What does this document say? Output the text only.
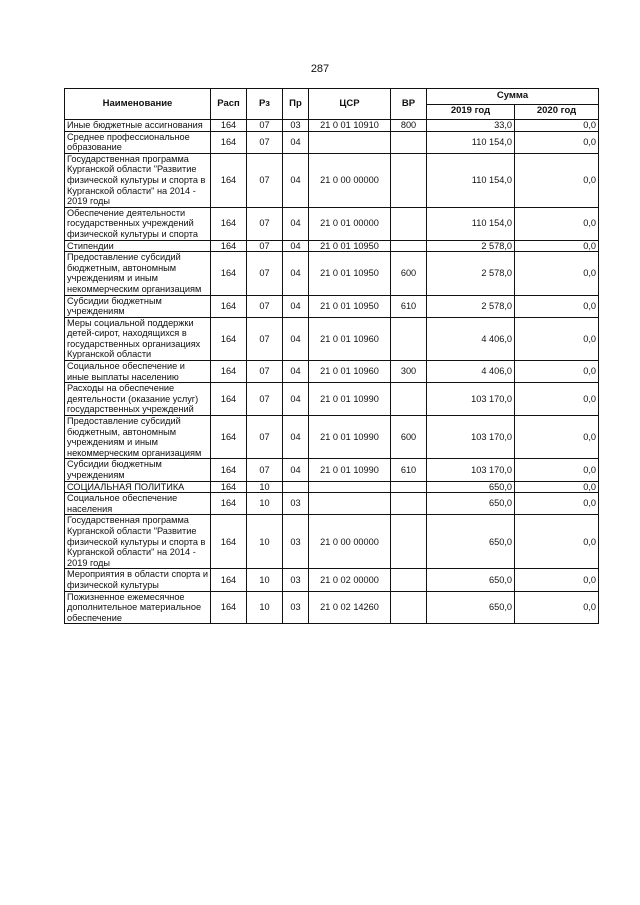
287
Наименование	Расп	Рз	Пр	ЦСР	ВР	Сумма	
						2019 год	2020 год
Иные бюджетные ассигнования	164	07	03	21 0 01 10910	800	33,0	0,0
Среднее профессиональное образование	164	07	04			110 154,0	0,0
Государственная программа Курганской области "Развитие физической культуры и спорта в Курганской области" на 2014 - 2019 годы	164	07	04	21 0 00 00000		110 154,0	0,0
Обеспечение деятельности государственных учреждений физической культуры и спорта	164	07	04	21 0 01 00000		110 154,0	0,0
Стипендии	164	07	04	21 0 01 10950		2 578,0	0,0
Предоставление субсидий бюджетным, автономным учреждениям и иным некоммерческим организациям	164	07	04	21 0 01 10950	600	2 578,0	0,0
Субсидии бюджетным учреждениям	164	07	04	21 0 01 10950	610	2 578,0	0,0
Меры социальной поддержки детей-сирот, находящихся в государственных организациях Курганской области	164	07	04	21 0 01 10960		4 406,0	0,0
Социальное обеспечение и иные выплаты населению	164	07	04	21 0 01 10960	300	4 406,0	0,0
Расходы на обеспечение деятельности (оказание услуг) государственных учреждений	164	07	04	21 0 01 10990		103 170,0	0,0
Предоставление субсидий бюджетным, автономным учреждениям и иным некоммерческим организациям	164	07	04	21 0 01 10990	600	103 170,0	0,0
Субсидии бюджетным учреждениям	164	07	04	21 0 01 10990	610	103 170,0	0,0
СОЦИАЛЬНАЯ ПОЛИТИКА	164	10				650,0	0,0
Социальное обеспечение населения	164	10	03			650,0	0,0
Государственная программа Курганской области "Развитие физической культуры и спорта в Курганской области" на 2014 - 2019 годы	164	10	03	21 0 00 00000		650,0	0,0
Мероприятия в области спорта и физической культуры	164	10	03	21 0 02 00000		650,0	0,0
Пожизненное ежемесячное дополнительное материальное обеспечение	164	10	03	21 0 02 14260		650,0	0,0
